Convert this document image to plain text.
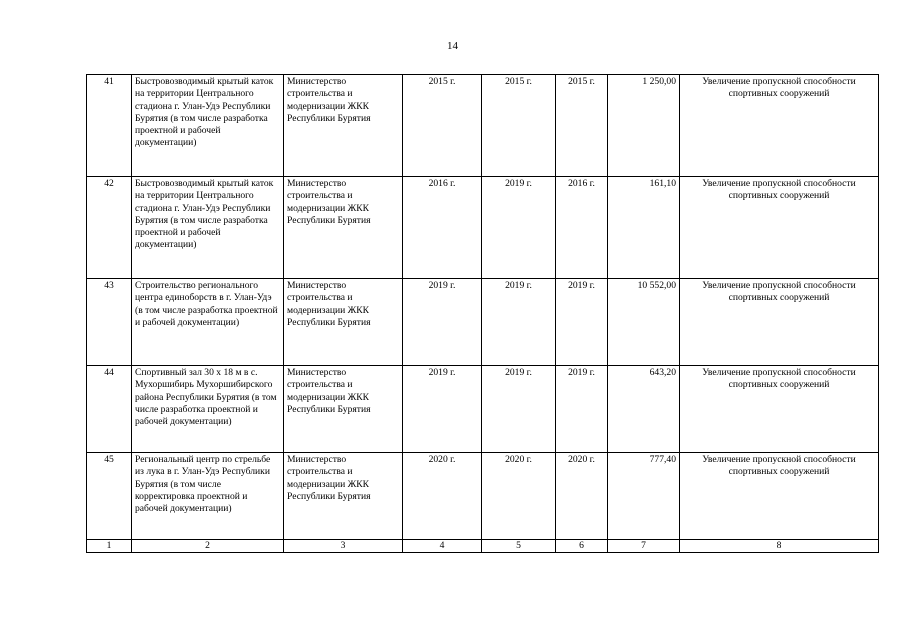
14
41	Быстровозводимый крытый каток на территории Центрального стадиона г. Улан-Удэ Республики Бурятия (в том числе разработка проектной и рабочей документации)	Министерство строительства и модернизации ЖКК Республики Бурятия	2015 г.	2015 г.	2015 г.	1 250,00	Увеличение пропускной способности спортивных сооружений
42	Быстровозводимый крытый каток на территории Центрального стадиона г. Улан-Удэ Республики Бурятия (в том числе разработка проектной и рабочей документации)	Министерство строительства и модернизации ЖКК Республики Бурятия	2016 г.	2019 г.	2016 г.	161,10	Увеличение пропускной способности спортивных сооружений
43	Строительство регионального центра единоборств в г. Улан-Удэ (в том числе разработка проектной и рабочей документации)	Министерство строительства и модернизации ЖКК Республики Бурятия	2019 г.	2019 г.	2019 г.	10 552,00	Увеличение пропускной способности спортивных сооружений
44	Спортивный зал 30 х 18 м в с. Мухоршибирь Мухоршибирского района Республики Бурятия (в том числе разработка проектной и рабочей документации)	Министерство строительства и модернизации ЖКК Республики Бурятия	2019 г.	2019 г.	2019 г.	643,20	Увеличение пропускной способности спортивных сооружений
45	Региональный центр по стрельбе из лука в г. Улан-Удэ Республики Бурятия (в том числе корректировка проектной и рабочей документации)	Министерство строительства и модернизации ЖКК Республики Бурятия	2020 г.	2020 г.	2020 г.	777,40	Увеличение пропускной способности спортивных сооружений
1	2	3	4	5	6	7	8
